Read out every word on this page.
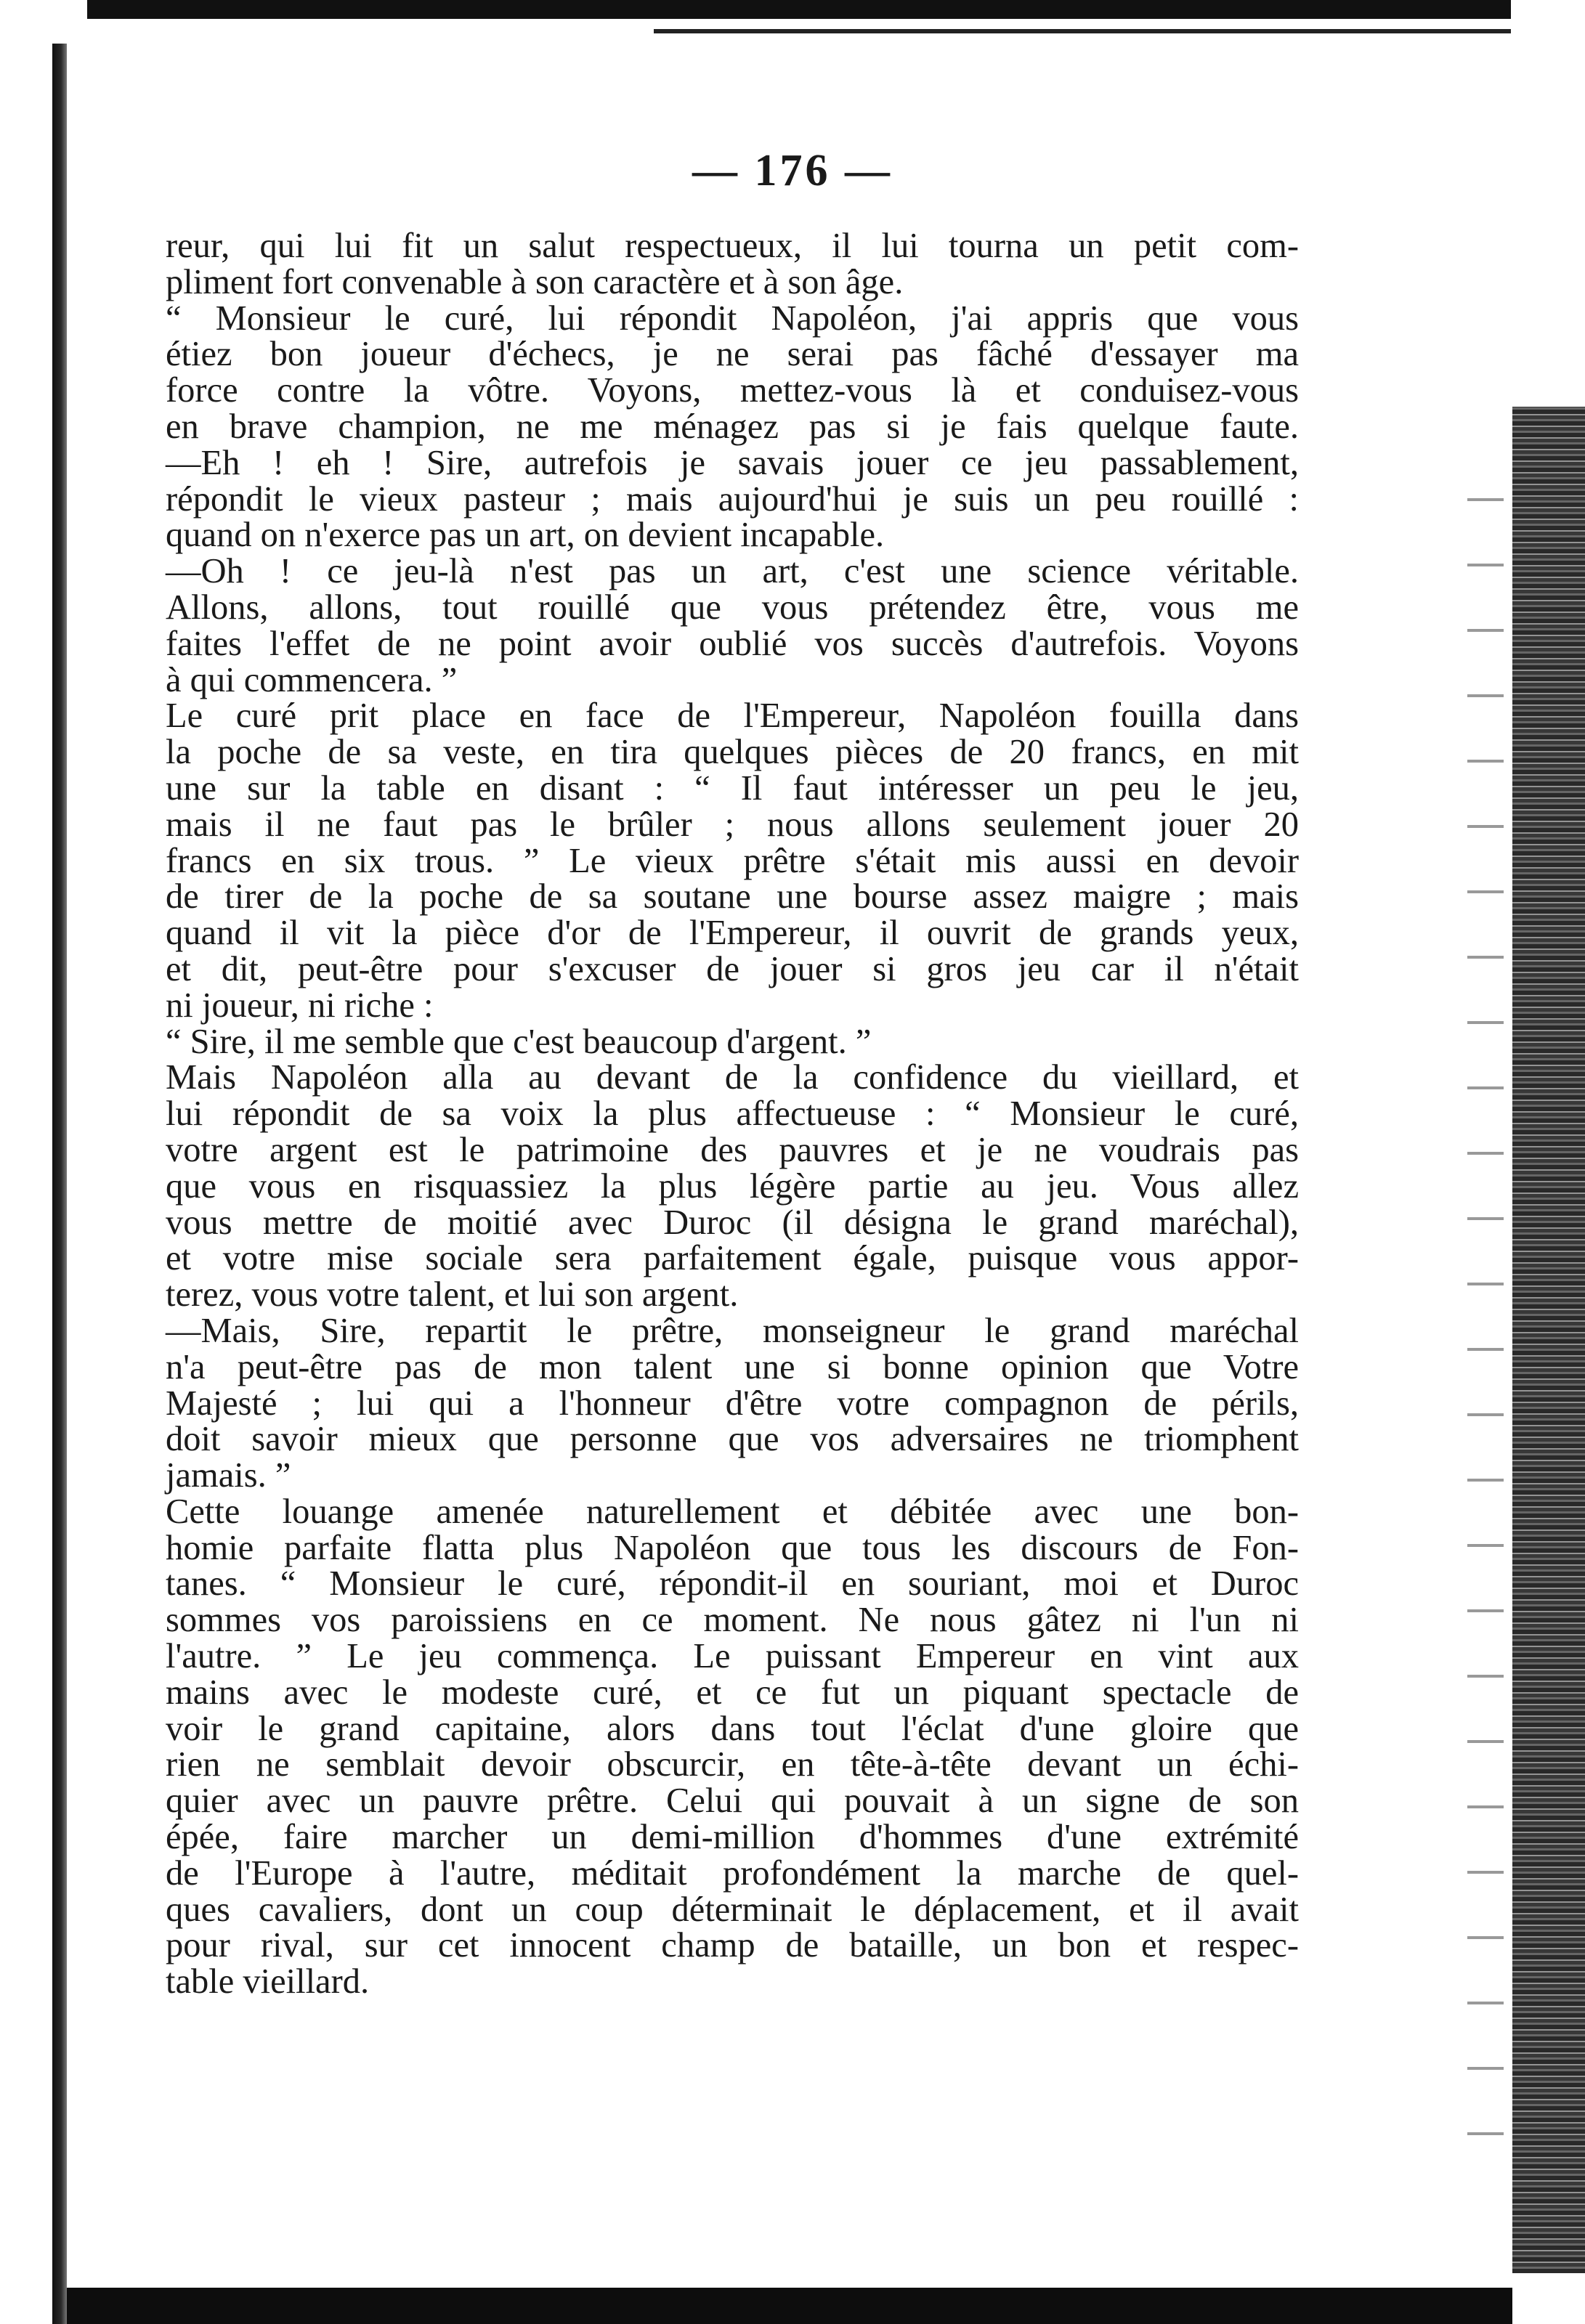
— 176 —
reur, qui lui fit un salut respectueux, il lui tourna un petit com-
pliment fort convenable à son caractère et à son âge.
“ Monsieur le curé, lui répondit Napoléon, j'ai appris que vous
étiez bon joueur d'échecs, je ne serai pas fâché d'essayer ma
force contre la vôtre. Voyons, mettez-vous là et conduisez-vous
en brave champion, ne me ménagez pas si je fais quelque faute.
—Eh ! eh ! Sire, autrefois je savais jouer ce jeu passablement,
répondit le vieux pasteur ; mais aujourd'hui je suis un peu rouillé :
quand on n'exerce pas un art, on devient incapable.
—Oh ! ce jeu-là n'est pas un art, c'est une science véritable.
Allons, allons, tout rouillé que vous prétendez être, vous me
faites l'effet de ne point avoir oublié vos succès d'autrefois. Voyons
à qui commencera. ”
Le curé prit place en face de l'Empereur, Napoléon fouilla dans
la poche de sa veste, en tira quelques pièces de 20 francs, en mit
une sur la table en disant : “ Il faut intéresser un peu le jeu,
mais il ne faut pas le brûler ; nous allons seulement jouer 20
francs en six trous. ” Le vieux prêtre s'était mis aussi en devoir
de tirer de la poche de sa soutane une bourse assez maigre ; mais
quand il vit la pièce d'or de l'Empereur, il ouvrit de grands yeux,
et dit, peut-être pour s'excuser de jouer si gros jeu car il n'était
ni joueur, ni riche :
“ Sire, il me semble que c'est beaucoup d'argent. ”
Mais Napoléon alla au devant de la confidence du vieillard, et
lui répondit de sa voix la plus affectueuse : “ Monsieur le curé,
votre argent est le patrimoine des pauvres et je ne voudrais pas
que vous en risquassiez la plus légère partie au jeu. Vous allez
vous mettre de moitié avec Duroc (il désigna le grand maréchal),
et votre mise sociale sera parfaitement égale, puisque vous appor-
terez, vous votre talent, et lui son argent.
—Mais, Sire, repartit le prêtre, monseigneur le grand maréchal
n'a peut-être pas de mon talent une si bonne opinion que Votre
Majesté ; lui qui a l'honneur d'être votre compagnon de périls,
doit savoir mieux que personne que vos adversaires ne triomphent
jamais. ”
Cette louange amenée naturellement et débitée avec une bon-
homie parfaite flatta plus Napoléon que tous les discours de Fon-
tanes. “ Monsieur le curé, répondit-il en souriant, moi et Duroc
sommes vos paroissiens en ce moment. Ne nous gâtez ni l'un ni
l'autre. ” Le jeu commença. Le puissant Empereur en vint aux
mains avec le modeste curé, et ce fut un piquant spectacle de
voir le grand capitaine, alors dans tout l'éclat d'une gloire que
rien ne semblait devoir obscurcir, en tête-à-tête devant un échi-
quier avec un pauvre prêtre. Celui qui pouvait à un signe de son
épée, faire marcher un demi-million d'hommes d'une extrémité
de l'Europe à l'autre, méditait profondément la marche de quel-
ques cavaliers, dont un coup déterminait le déplacement, et il avait
pour rival, sur cet innocent champ de bataille, un bon et respec-
table vieillard.
